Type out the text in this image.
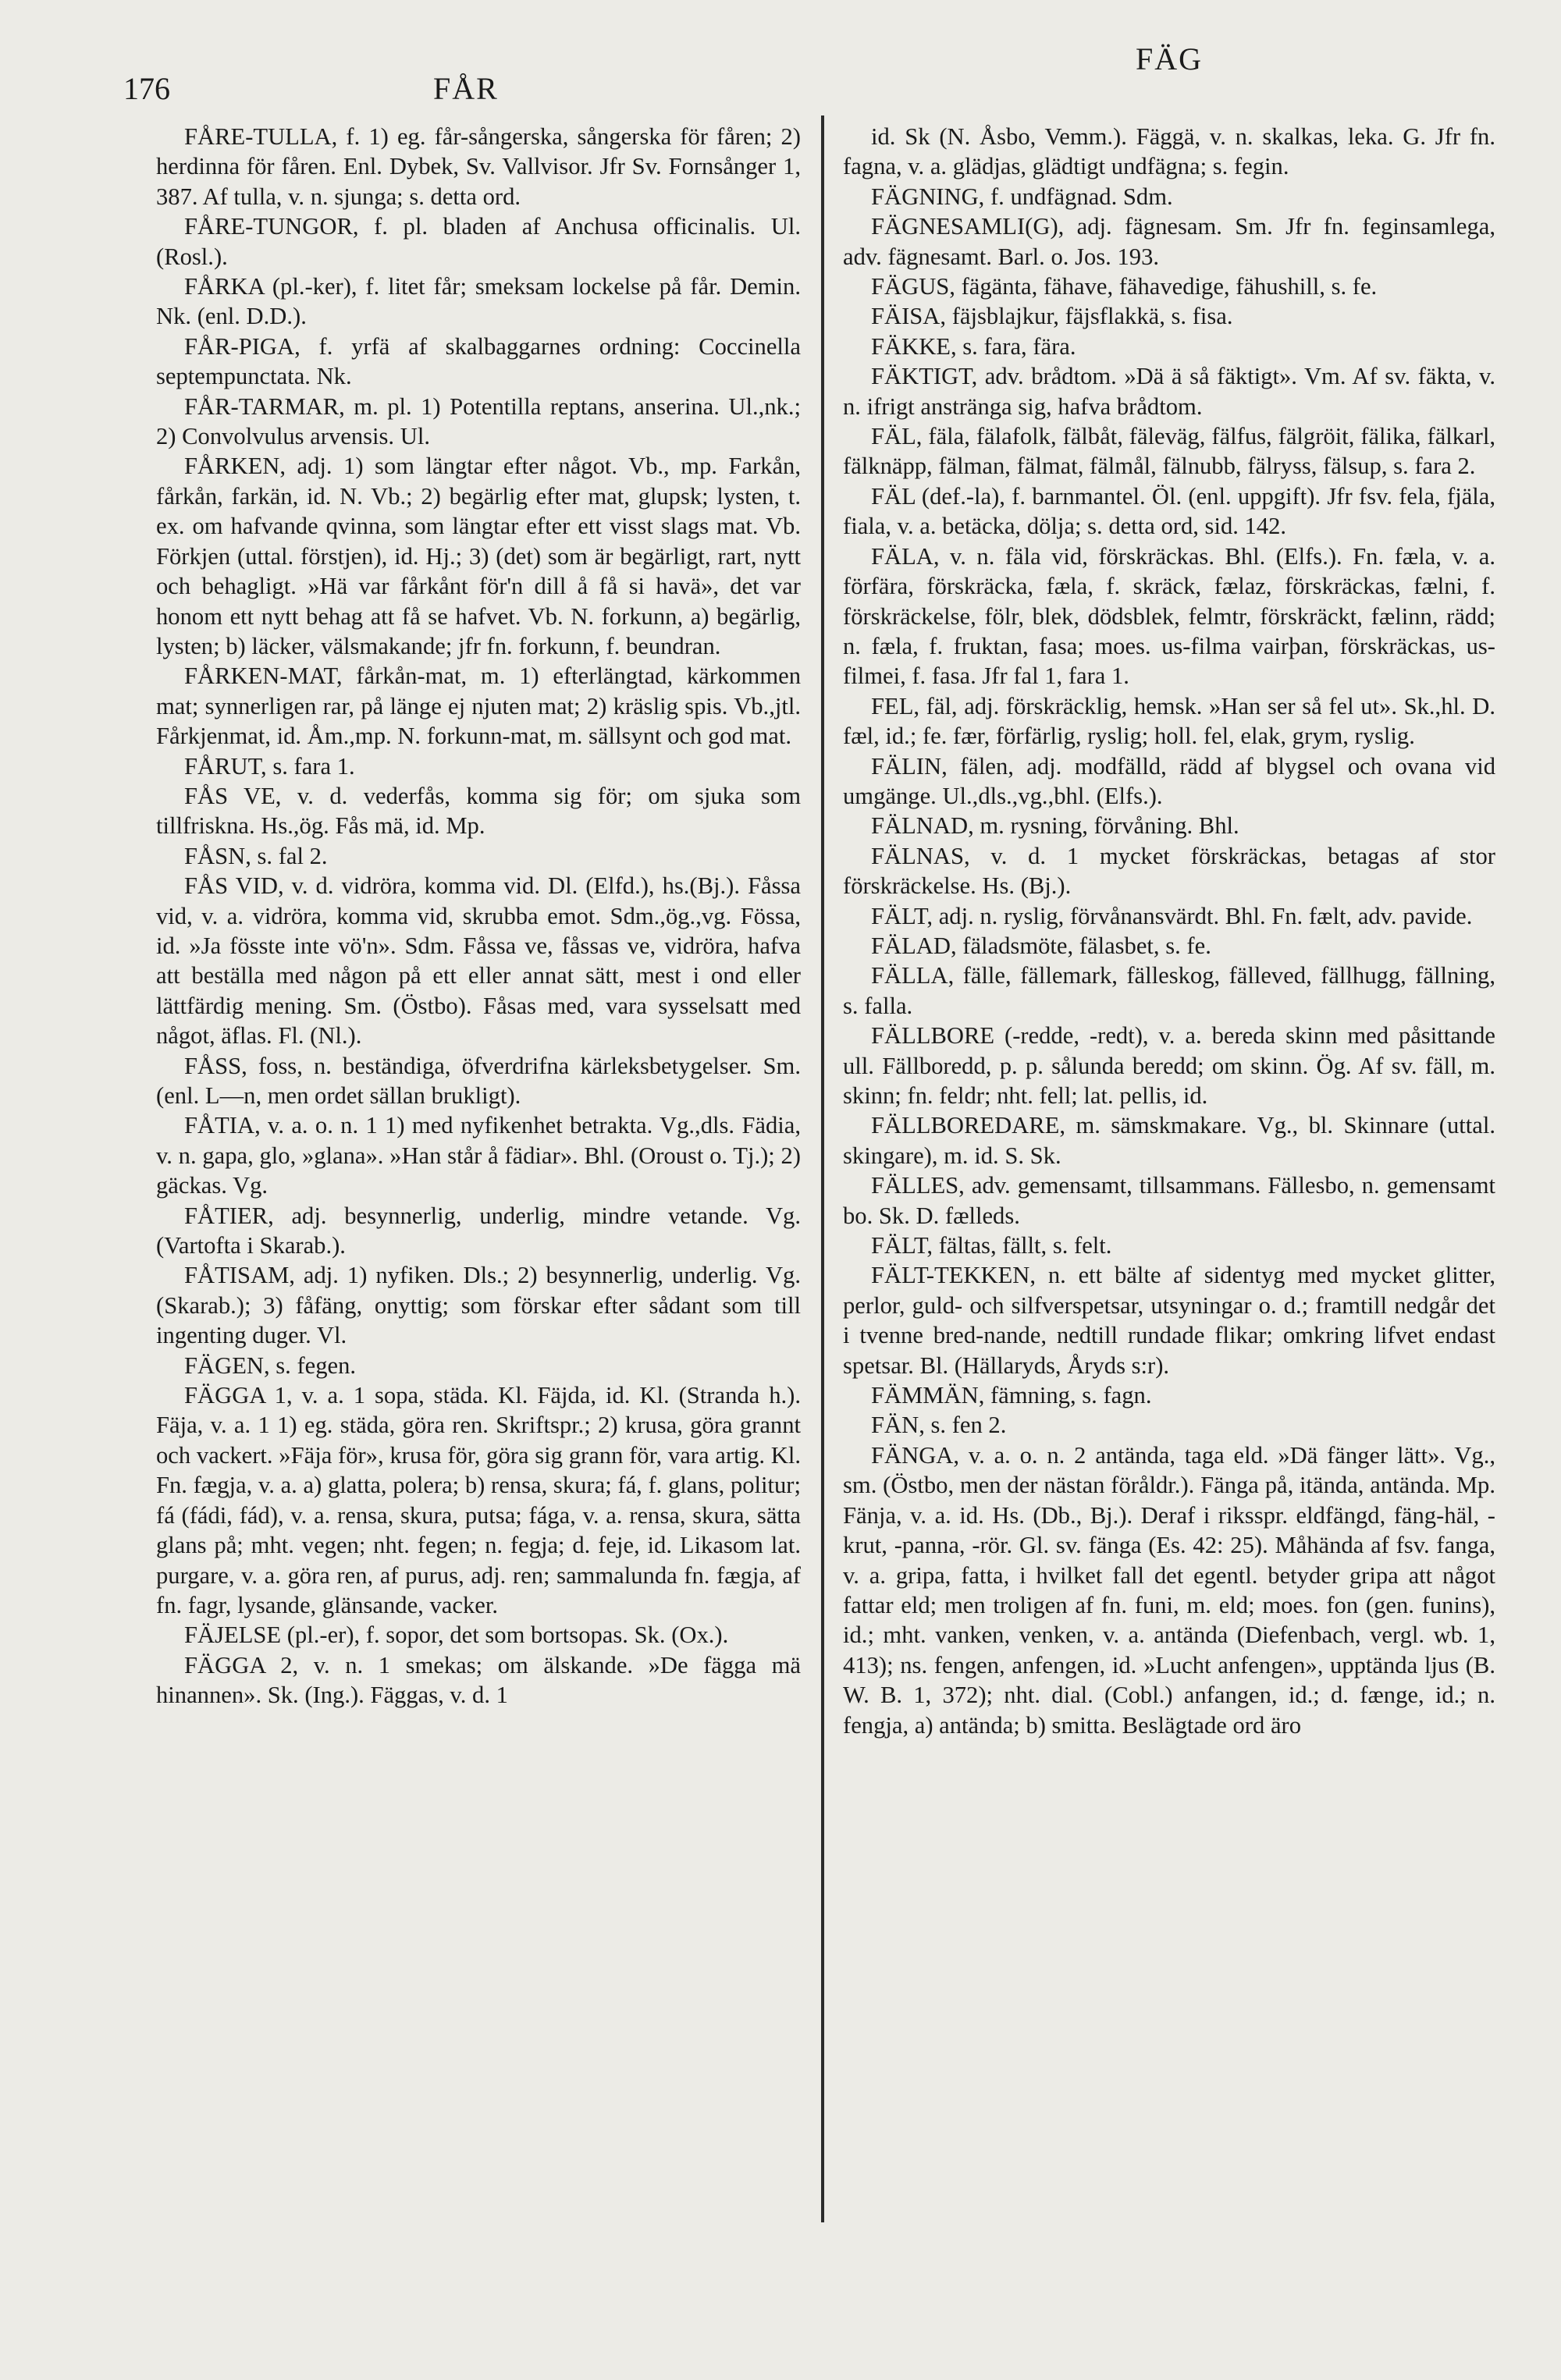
176	FÅR
FÄG

FÅRE-TULLA, f. 1) eg. får-sångerska, sångerska för fåren; 2) herdinna för fåren. Enl. Dybek, Sv. Vallvisor. Jfr Sv. Fornsånger 1, 387. Af tulla, v. n. sjunga; s. detta ord.

FÅRE-TUNGOR, f. pl. bladen af Anchusa officinalis. Ul. (Rosl.).

FÅRKA (pl.-ker), f. litet får; smeksam lockelse på får. Demin. Nk. (enl. D.D.).

FÅR-PIGA, f. yrfä af skalbaggarnes ordning: Coccinella septempunctata. Nk.

FÅR-TARMAR, m. pl. 1) Potentilla reptans, anserina. Ul.,nk.; 2) Convolvulus arvensis. Ul.

FÅRKEN, adj. 1) som längtar efter något. Vb., mp. Farkån, fårkån, farkän, id. N. Vb.; 2) begärlig efter mat, glupsk; lysten, t. ex. om hafvande qvinna, som längtar efter ett visst slags mat. Vb. Förkjen (uttal. förstjen), id. Hj.; 3) (det) som är begärligt, rart, nytt och behagligt. »Hä var fårkånt för'n dill å få si havä», det var honom ett nytt behag att få se hafvet. Vb. N. forkunn, a) begärlig, lysten; b) läcker, välsmakande; jfr fn. forkunn, f. beundran.

FÅRKEN-MAT, fårkån-mat, m. 1) efterlängtad, kärkommen mat; synnerligen rar, på länge ej njuten mat; 2) kräslig spis. Vb.,jtl. Fårkjenmat, id. Åm.,mp. N. forkunn-mat, m. sällsynt och god mat.

FÅRUT, s. fara 1.

FÅS VE, v. d. vederfås, komma sig för; om sjuka som tillfriskna. Hs.,ög. Fås mä, id. Mp.

FÅSN, s. fal 2.

FÅS VID, v. d. vidröra, komma vid. Dl. (Elfd.), hs.(Bj.). Fåssa vid, v. a. vidröra, komma vid, skrubba emot. Sdm.,ög.,vg. Fössa, id. »Ja fösste inte vö'n». Sdm. Fåssa ve, fåssas ve, vidröra, hafva att beställa med någon på ett eller annat sätt, mest i ond eller lättfärdig mening. Sm. (Östbo). Fåsas med, vara sysselsatt med något, äflas. Fl. (Nl.).

FÅSS, foss, n. beständiga, öfverdrifna kärleksbetygelser. Sm. (enl. L—n, men ordet sällan brukligt).

FÅTIA, v. a. o. n. 1 1) med nyfikenhet betrakta. Vg.,dls. Fädia, v. n. gapa, glo, »glana». »Han står å fädiar». Bhl. (Oroust o. Tj.); 2) gäckas. Vg.

FÅTIER, adj. besynnerlig, underlig, mindre vetande. Vg. (Vartofta i Skarab.).

FÅTISAM, adj. 1) nyfiken. Dls.; 2) besynnerlig, underlig. Vg. (Skarab.); 3) fåfäng, onyttig; som förskar efter sådant som till ingenting duger. Vl.

FÄGEN, s. fegen.

FÄGGA 1, v. a. 1 sopa, städa. Kl. Fäjda, id. Kl. (Stranda h.). Fäja, v. a. 1 1) eg. städa, göra ren. Skriftspr.; 2) krusa, göra grannt och vackert. »Fäja för», krusa för, göra sig grann för, vara artig. Kl. Fn. fægja, v. a. a) glatta, polera; b) rensa, skura; fá, f. glans, politur; fá (fádi, fád), v. a. rensa, skura, putsa; fága, v. a. rensa, skura, sätta glans på; mht. vegen; nht. fegen; n. fegja; d. feje, id. Likasom lat. purgare, v. a. göra ren, af purus, adj. ren; sammalunda fn. fægja, af fn. fagr, lysande, glänsande, vacker.

FÄJELSE (pl.-er), f. sopor, det som bortsopas. Sk. (Ox.).

FÄGGA 2, v. n. 1 smekas; om älskande. »De fägga mä hinannen». Sk. (Ing.). Fäggas, v. d. 1

id. Sk (N. Åsbo, Vemm.). Fäggä, v. n. skalkas, leka. G. Jfr fn. fagna, v. a. glädjas, glädtigt undfägna; s. fegin.

FÄGNING, f. undfägnad. Sdm.

FÄGNESAMLI(G), adj. fägnesam. Sm. Jfr fn. feginsamlega, adv. fägnesamt. Barl. o. Jos. 193.

FÄGUS, fägänta, fähave, fähavedige, fähushill, s. fe.

FÄISA, fäjsblajkur, fäjsflakkä, s. fisa.

FÄKKE, s. fara, fära.

FÄKTIGT, adv. brådtom. »Dä ä så fäktigt». Vm. Af sv. fäkta, v. n. ifrigt anstränga sig, hafva brådtom.

FÄL, fäla, fälafolk, fälbåt, fäleväg, fälfus, fälgröit, fälika, fälkarl, fälknäpp, fälman, fälmat, fälmål, fälnubb, fälryss, fälsup, s. fara 2.

FÄL (def.-la), f. barnmantel. Öl. (enl. uppgift). Jfr fsv. fela, fjäla, fiala, v. a. betäcka, dölja; s. detta ord, sid. 142.

FÄLA, v. n. fäla vid, förskräckas. Bhl. (Elfs.). Fn. fæla, v. a. förfära, förskräcka, fæla, f. skräck, fælaz, förskräckas, fælni, f. förskräckelse, fölr, blek, dödsblek, felmtr, förskräckt, fælinn, rädd; n. fæla, f. fruktan, fasa; moes. us-filma vairþan, förskräckas, us-filmei, f. fasa. Jfr fal 1, fara 1.

FEL, fäl, adj. förskräcklig, hemsk. »Han ser så fel ut». Sk.,hl. D. fæl, id.; fe. fær, förfärlig, ryslig; holl. fel, elak, grym, ryslig.

FÄLIN, fälen, adj. modfälld, rädd af blygsel och ovana vid umgänge. Ul.,dls.,vg.,bhl. (Elfs.).

FÄLNAD, m. rysning, förvåning. Bhl.

FÄLNAS, v. d. 1 mycket förskräckas, betagas af stor förskräckelse. Hs. (Bj.).

FÄLT, adj. n. ryslig, förvånansvärdt. Bhl. Fn. fælt, adv. pavide.

FÄLAD, fäladsmöte, fälasbet, s. fe.

FÄLLA, fälle, fällemark, fälleskog, fälleved, fällhugg, fällning, s. falla.

FÄLLBORE (-redde, -redt), v. a. bereda skinn med påsittande ull. Fällboredd, p. p. sålunda beredd; om skinn. Ög. Af sv. fäll, m. skinn; fn. feldr; nht. fell; lat. pellis, id.

FÄLLBOREDARE, m. sämskmakare. Vg., bl. Skinnare (uttal. skingare), m. id. S. Sk.

FÄLLES, adv. gemensamt, tillsammans. Fällesbo, n. gemensamt bo. Sk. D. fælleds.

FÄLT, fältas, fällt, s. felt.

FÄLT-TEKKEN, n. ett bälte af sidentyg med mycket glitter, perlor, guld- och silfverspetsar, utsyningar o. d.; framtill nedgår det i tvenne bred-nande, nedtill rundade flikar; omkring lifvet endast spetsar. Bl. (Hällaryds, Åryds s:r).

FÄMMÄN, fämning, s. fagn.

FÄN, s. fen 2.

FÄNGA, v. a. o. n. 2 antända, taga eld. »Dä fänger lätt». Vg., sm. (Östbo, men der nästan föråldr.). Fänga på, itända, antända. Mp. Fänja, v. a. id. Hs. (Db., Bj.). Deraf i riksspr. eldfängd, fäng-häl, -krut, -panna, -rör. Gl. sv. fänga (Es. 42: 25). Måhända af fsv. fanga, v. a. gripa, fatta, i hvilket fall det egentl. betyder gripa att något fattar eld; men troligen af fn. funi, m. eld; moes. fon (gen. funins), id.; mht. vanken, venken, v. a. antända (Diefenbach, vergl. wb. 1, 413); ns. fengen, anfengen, id. »Lucht anfengen», upptända ljus (B. W. B. 1, 372); nht. dial. (Cobl.) anfangen, id.; d. fænge, id.; n. fengja, a) antända; b) smitta. Beslägtade ord äro
